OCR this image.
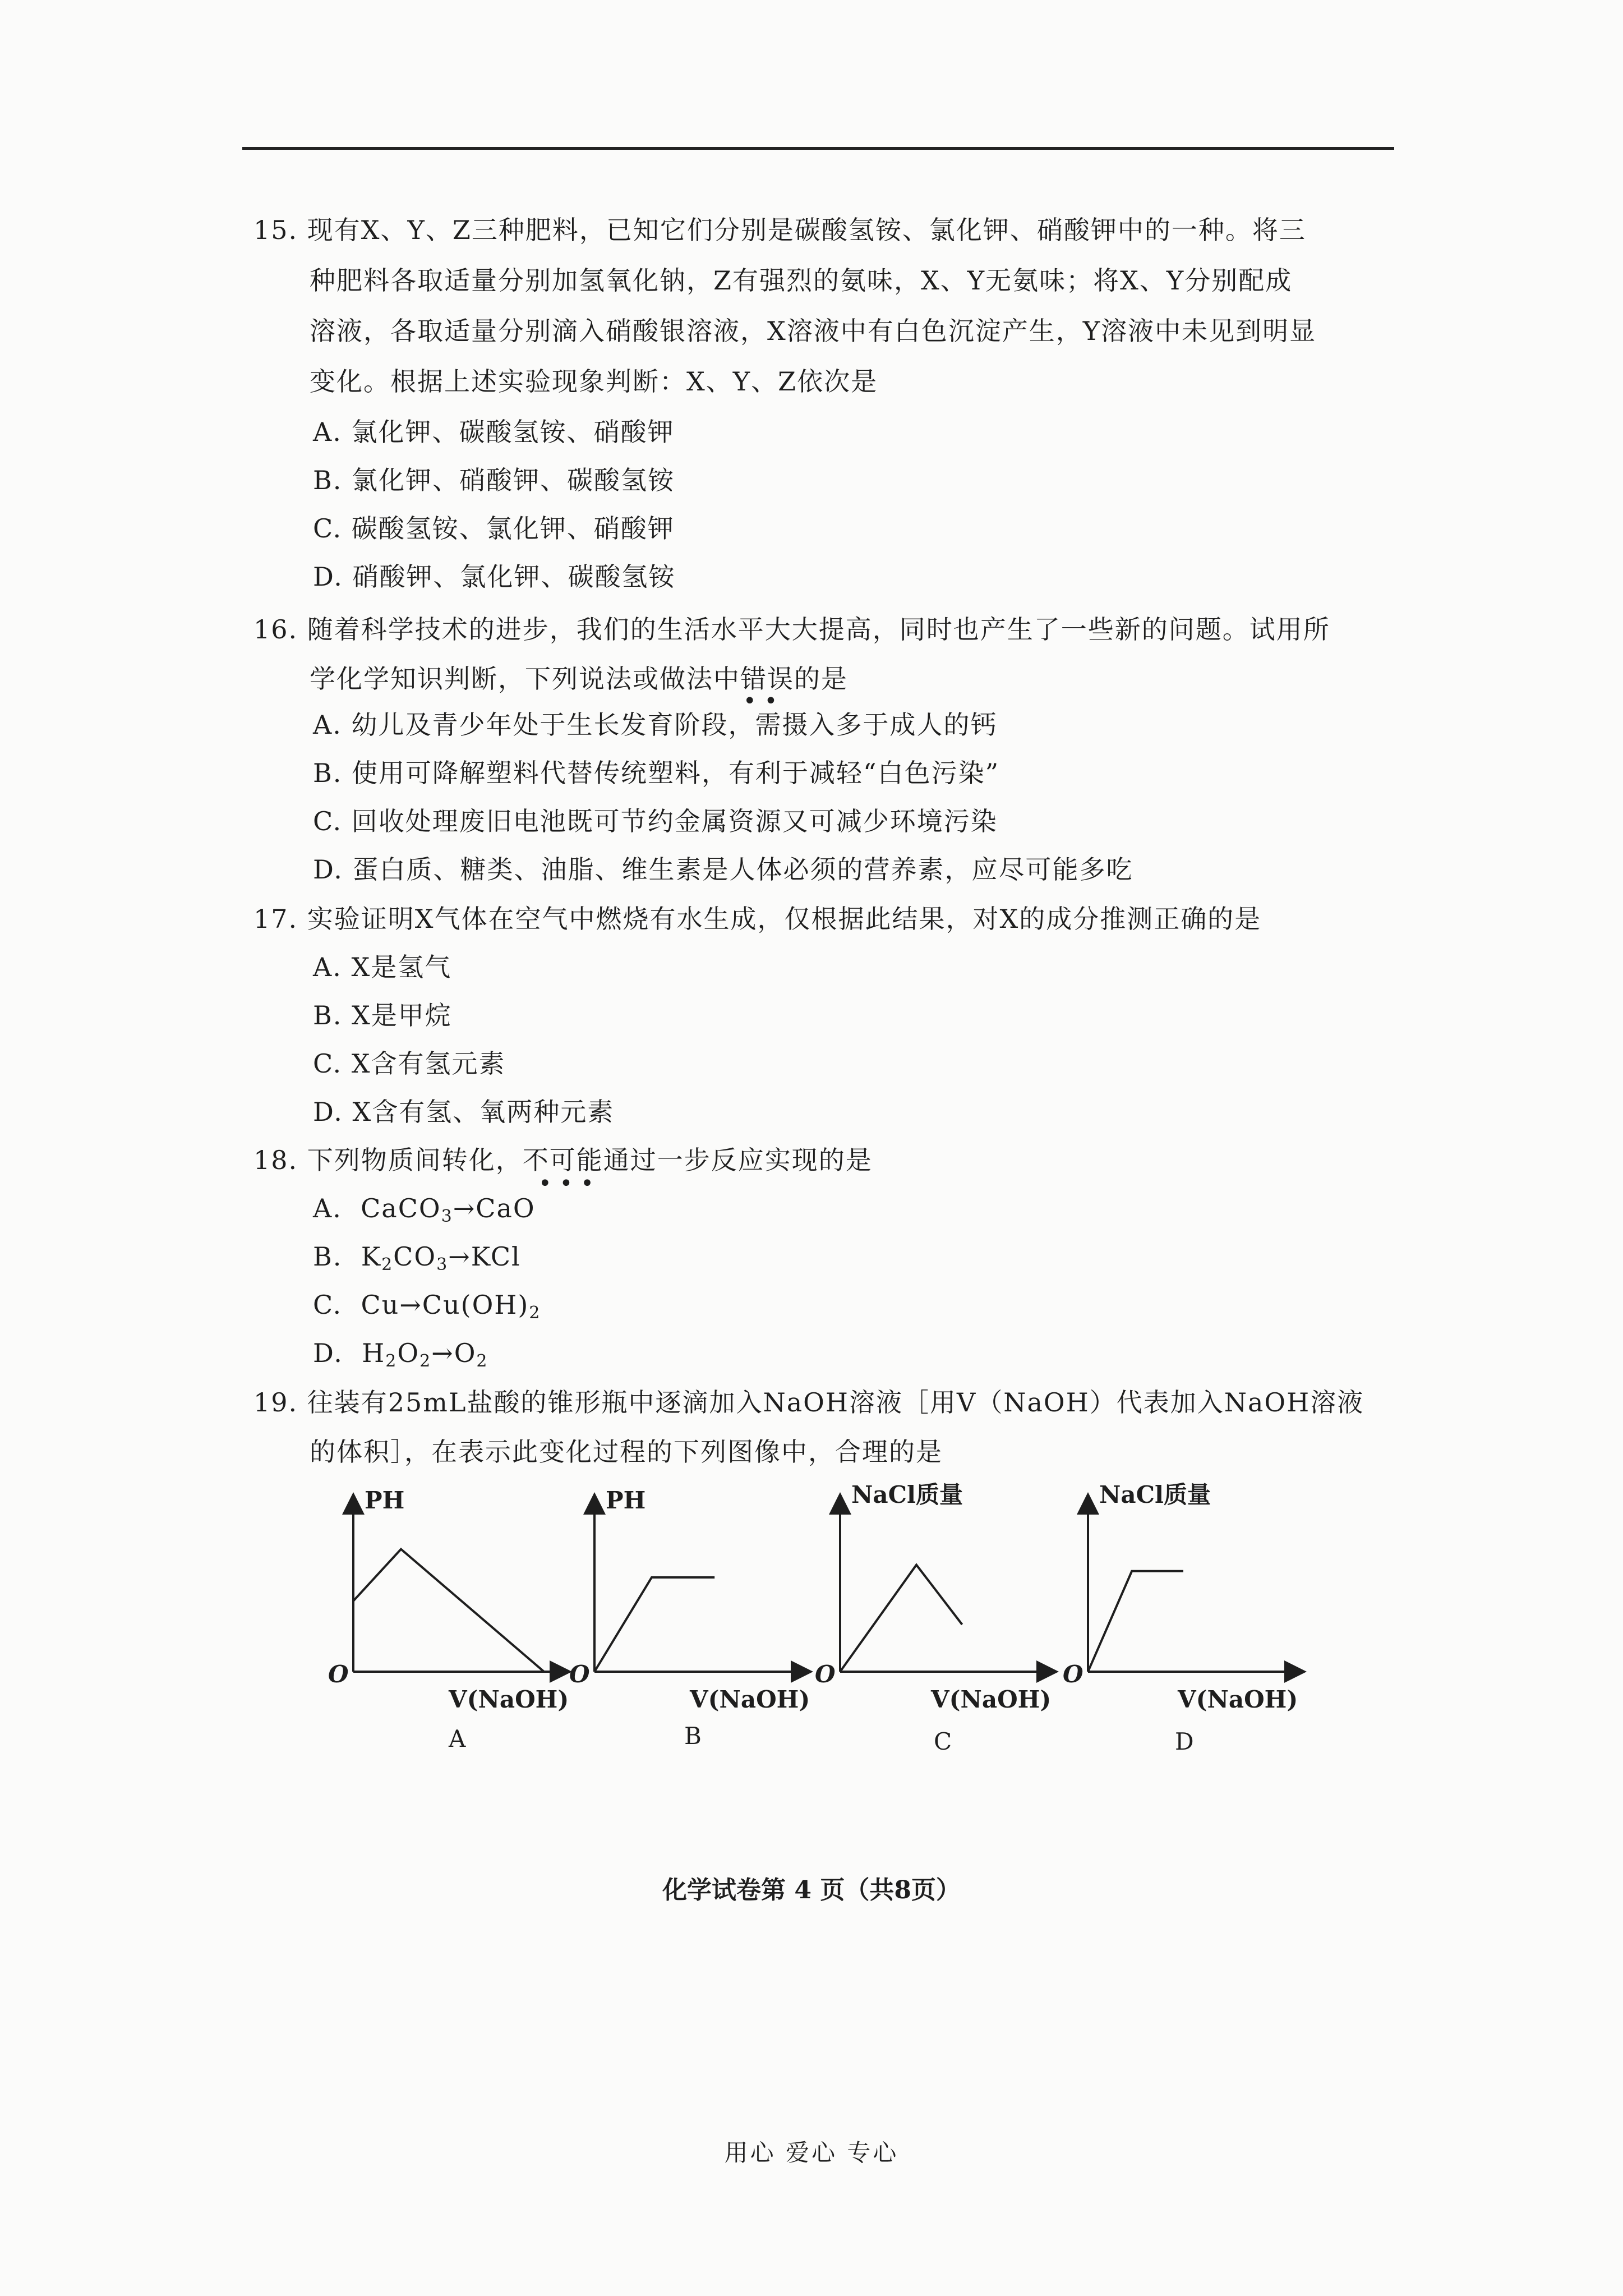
15. 现有X、Y、Z三种肥料，已知它们分别是碳酸氢铵、氯化钾、硝酸钾中的一种。将三
种肥料各取适量分别加氢氧化钠，Z有强烈的氨味，X、Y无氨味；将X、Y分别配成
溶液，各取适量分别滴入硝酸银溶液，X溶液中有白色沉淀产生，Y溶液中未见到明显
变化。根据上述实验现象判断：X、Y、Z依次是
A. 氯化钾、碳酸氢铵、硝酸钾
B. 氯化钾、硝酸钾、碳酸氢铵
C. 碳酸氢铵、氯化钾、硝酸钾
D. 硝酸钾、氯化钾、碳酸氢铵
16. 随着科学技术的进步，我们的生活水平大大提高，同时也产生了一些新的问题。试用所
学化学知识判断，下列说法或做法中错误的是
••
A. 幼儿及青少年处于生长发育阶段，需摄入多于成人的钙
B. 使用可降解塑料代替传统塑料，有利于减轻“白色污染”
C. 回收处理废旧电池既可节约金属资源又可减少环境污染
D. 蛋白质、糖类、油脂、维生素是人体必须的营养素，应尽可能多吃
17. 实验证明X气体在空气中燃烧有水生成，仅根据此结果，对X的成分推测正确的是
A. X是氢气
B. X是甲烷
C. X含有氢元素
D. X含有氢、氧两种元素
18. 下列物质间转化，不可能通过一步反应实现的是
•••
A. CaCO$_3$→CaO
B. $K_2CO_3\to KCl$
C. $Cu\to Cu(OH)_2$
D. $H_2O_2\to O_2$
19. 往装有25mL盐酸的锥形瓶中逐滴加入NaOH溶液［用V（NaOH）代表加入NaOH溶液
的体积］，在表示此变化过程的下列图像中，合理的是
PH
O
V(NaOH)
A
PH
O
V(NaOH)
B
NaCl质量
O
V(NaOH)
C
NaCl质量
O
V(NaOH)
D
化学试卷第 4 页（共8页）
用心 爱心 专心
